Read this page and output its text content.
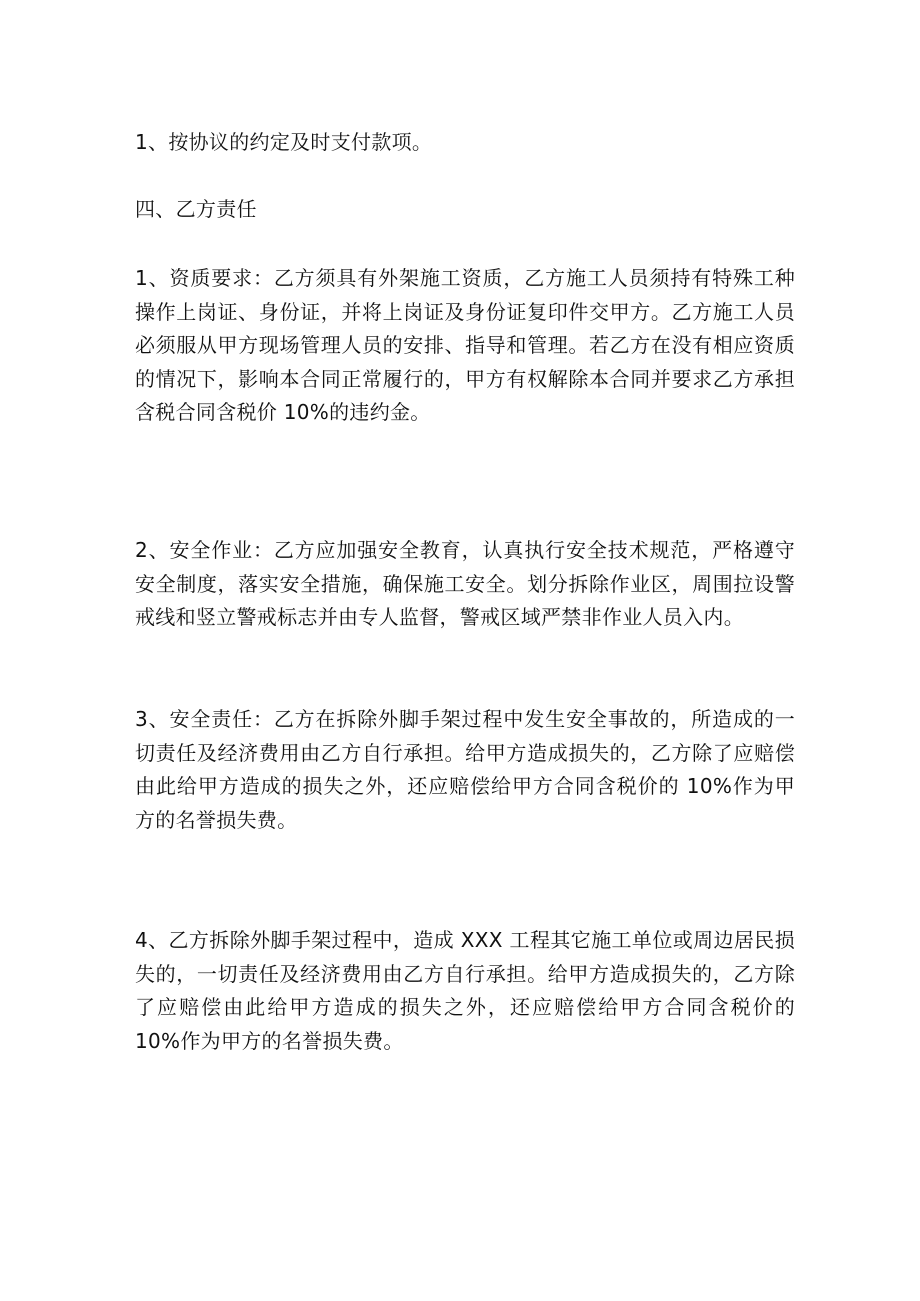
1、按协议的约定及时支付款项。

四、乙方责任

1、资质要求：乙方须具有外架施工资质，乙方施工人员须持有特殊工种操作上岗证、身份证，并将上岗证及身份证复印件交甲方。乙方施工人员必须服从甲方现场管理人员的安排、指导和管理。若乙方在没有相应资质的情况下，影响本合同正常履行的，甲方有权解除本合同并要求乙方承担含税合同含税价 10%的违约金。

2、安全作业：乙方应加强安全教育，认真执行安全技术规范，严格遵守安全制度，落实安全措施，确保施工安全。划分拆除作业区，周围拉设警戒线和竖立警戒标志并由专人监督，警戒区域严禁非作业人员入内。

3、安全责任：乙方在拆除外脚手架过程中发生安全事故的，所造成的一切责任及经济费用由乙方自行承担。给甲方造成损失的，乙方除了应赔偿由此给甲方造成的损失之外，还应赔偿给甲方合同含税价的 10%作为甲方的名誉损失费。

4、乙方拆除外脚手架过程中，造成 XXX 工程其它施工单位或周边居民损失的，一切责任及经济费用由乙方自行承担。给甲方造成损失的，乙方除了应赔偿由此给甲方造成的损失之外，还应赔偿给甲方合同含税价的 10%作为甲方的名誉损失费。
